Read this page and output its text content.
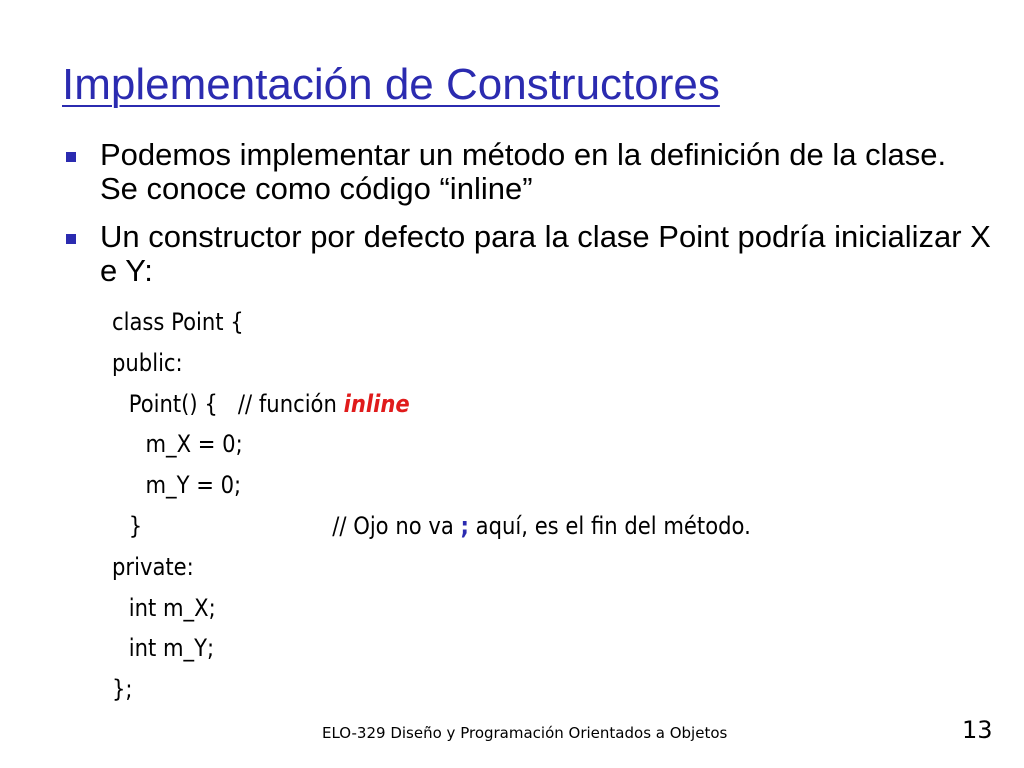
Implementación de Constructores
Podemos implementar un método en la definición de la clase. Se conoce como código “inline”
Un constructor por defecto para la clase Point podría inicializar X e Y:
class Point {
public:
Point() {   // función inline
m_X = 0;
m_Y = 0;
}	// Ojo no va ; aquí, es el fin del método.
private:
int m_X;
int m_Y;
};
ELO-329 Diseño y Programación Orientados a Objetos	13
